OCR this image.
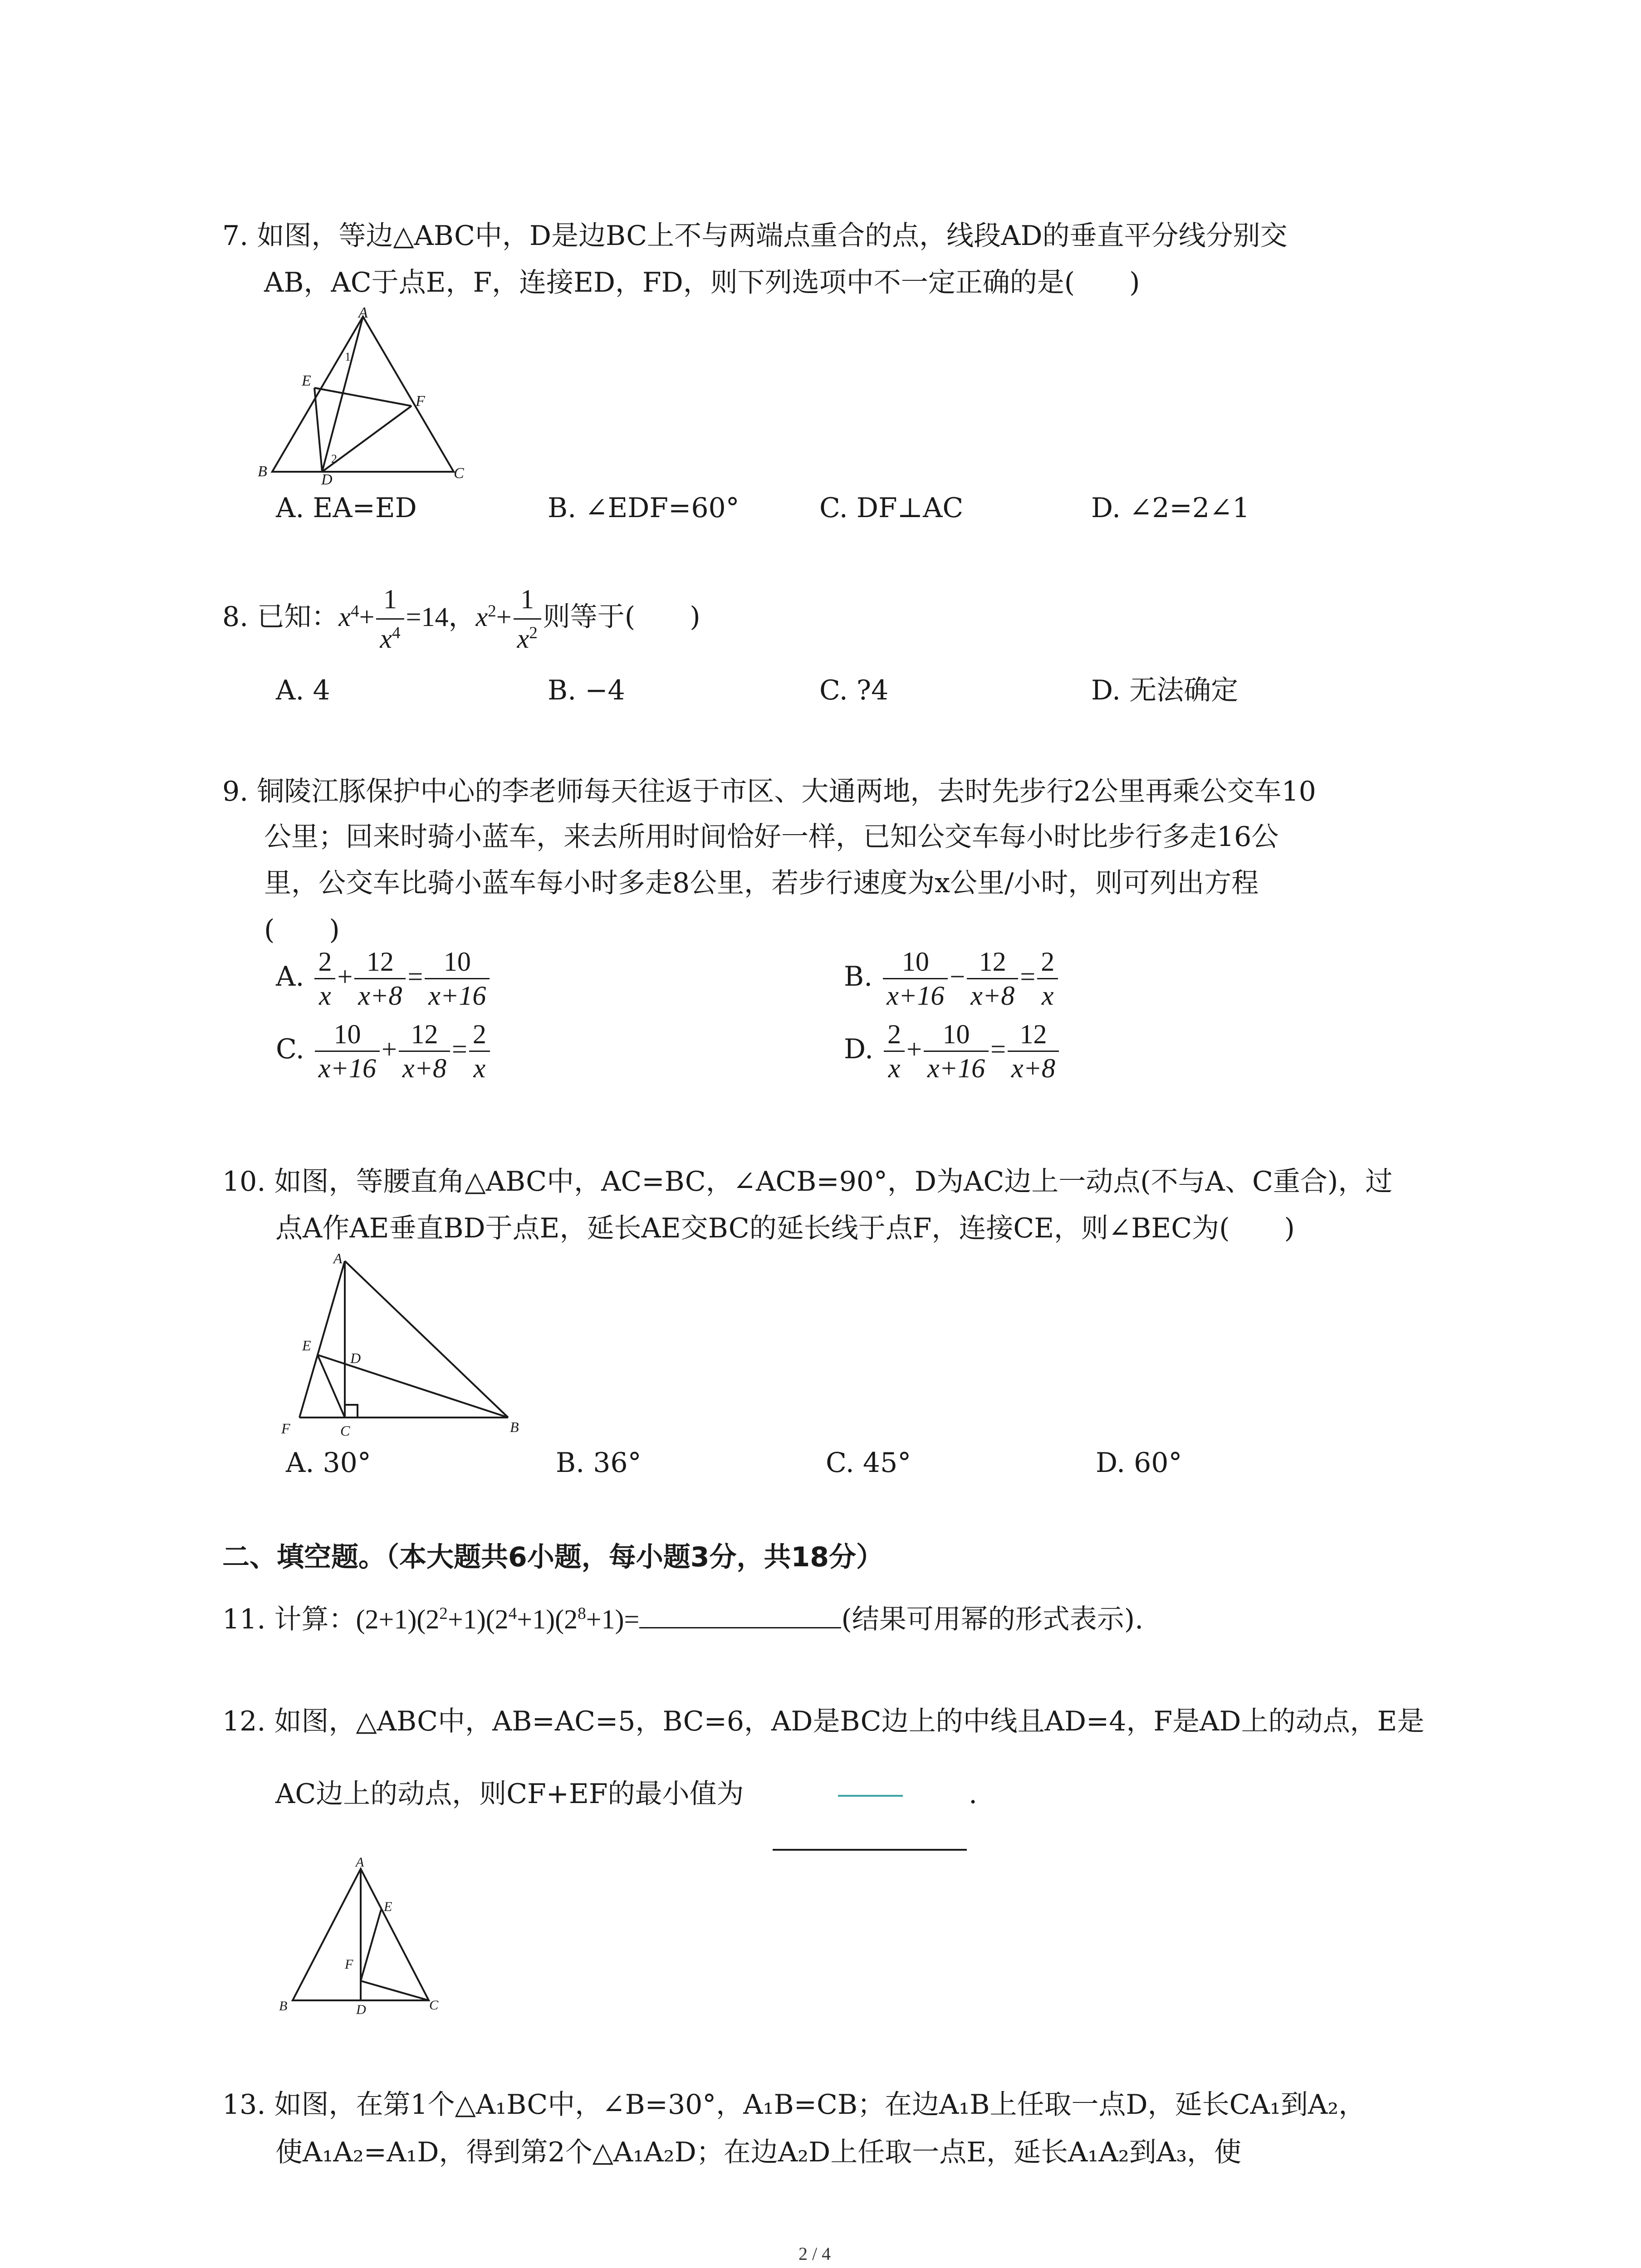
7. 如图，等边△ABC中，D是边BC上不与两端点重合的点，线段AD的垂直平分线分别交
AB，AC于点E，F，连接ED，FD，则下列选项中不一定正确的是(　　)
A
B	C
D
E
F
1
2
A. EA=ED	B. ∠EDF=60°	C. DF⊥AC	D. ∠2=2∠1
8. 已知：$x^4+ \frac{1}{x^4} =14$，$x^2+ \frac{1}{x^2}$ 则等于(　　)
A. 4	B. −4	C. ?4	D. 无法确定
9. 铜陵江豚保护中心的李老师每天往返于市区、大通两地，去时先步行2公里再乘公交车10
公里；回来时骑小蓝车，来去所用时间恰好一样，已知公交车每小时比步行多走16公
里，公交车比骑小蓝车每小时多走8公里，若步行速度为x公里/小时，则可列出方程
(　　)
A. $\frac{2}{x} + \frac{12}{x+8} = \frac{10}{x+16}$	B. $\frac{10}{x+16} - \frac{12}{x+8} = \frac{2}{x}$
C. $\frac{10}{x+16} + \frac{12}{x+8} = \frac{2}{x}$	D. $\frac{2}{x} + \frac{10}{x+16} = \frac{12}{x+8}$
10. 如图，等腰直角△ABC中，AC=BC，∠ACB=90°，D为AC边上一动点(不与A、C重合)，过
点A作AE垂直BD于点E，延长AE交BC的延长线于点F，连接CE，则∠BEC为(　　)
A
B
C
D
E
F
A. 30°	B. 36°	C. 45°	D. 60°
二、填空题。（本大题共6小题，每小题3分，共18分）
11. 计算：$(2+1)(2^2+1)(2^4+1)(2^8+1)=$	(结果可用幂的形式表示).
12. 如图，△ABC中，AB=AC=5，BC=6，AD是BC边上的中线且AD=4，F是AD上的动点，E是
AC边上的动点，则CF+EF的最小值为	.
A
B	C
D
E
F
13. 如图，在第1个△A₁BC中，∠B=30°，A₁B=CB；在边A₁B上任取一点D，延长CA₁到A₂，
使A₁A₂=A₁D，得到第2个△A₁A₂D；在边A₂D上任取一点E，延长A₁A₂到A₃，使
2 / 4
